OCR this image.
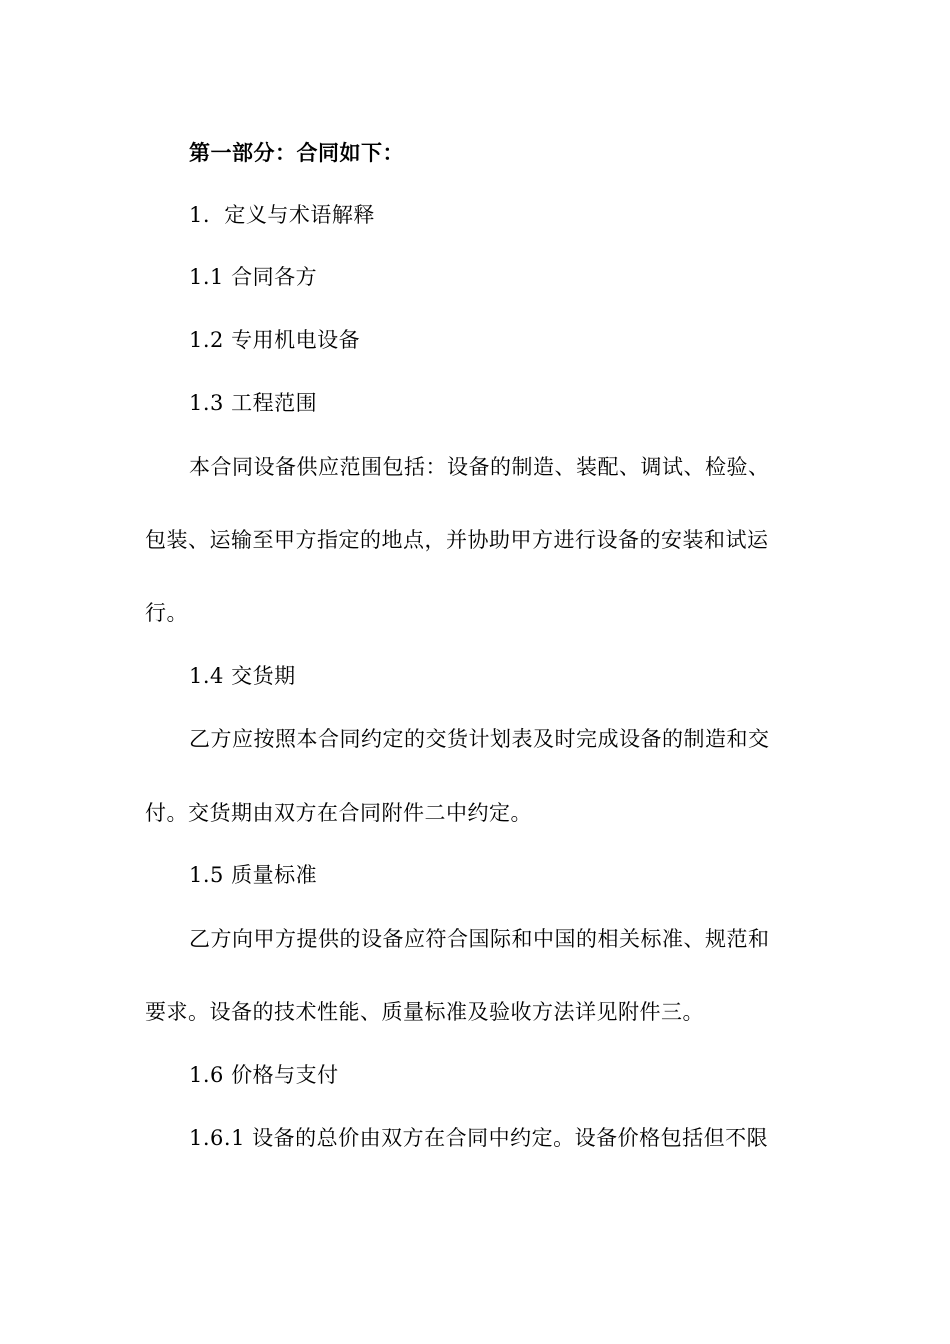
第一部分：合同如下：
1. 定义与术语解释
1.1 合同各方
1.2 专用机电设备
1.3 工程范围
本合同设备供应范围包括：设备的制造、装配、调试、检验、
包装、运输至甲方指定的地点，并协助甲方进行设备的安装和试运
行。
1.4 交货期
乙方应按照本合同约定的交货计划表及时完成设备的制造和交
付。交货期由双方在合同附件二中约定。
1.5 质量标准
乙方向甲方提供的设备应符合国际和中国的相关标准、规范和
要求。设备的技术性能、质量标准及验收方法详见附件三。
1.6 价格与支付
1.6.1 设备的总价由双方在合同中约定。设备价格包括但不限
